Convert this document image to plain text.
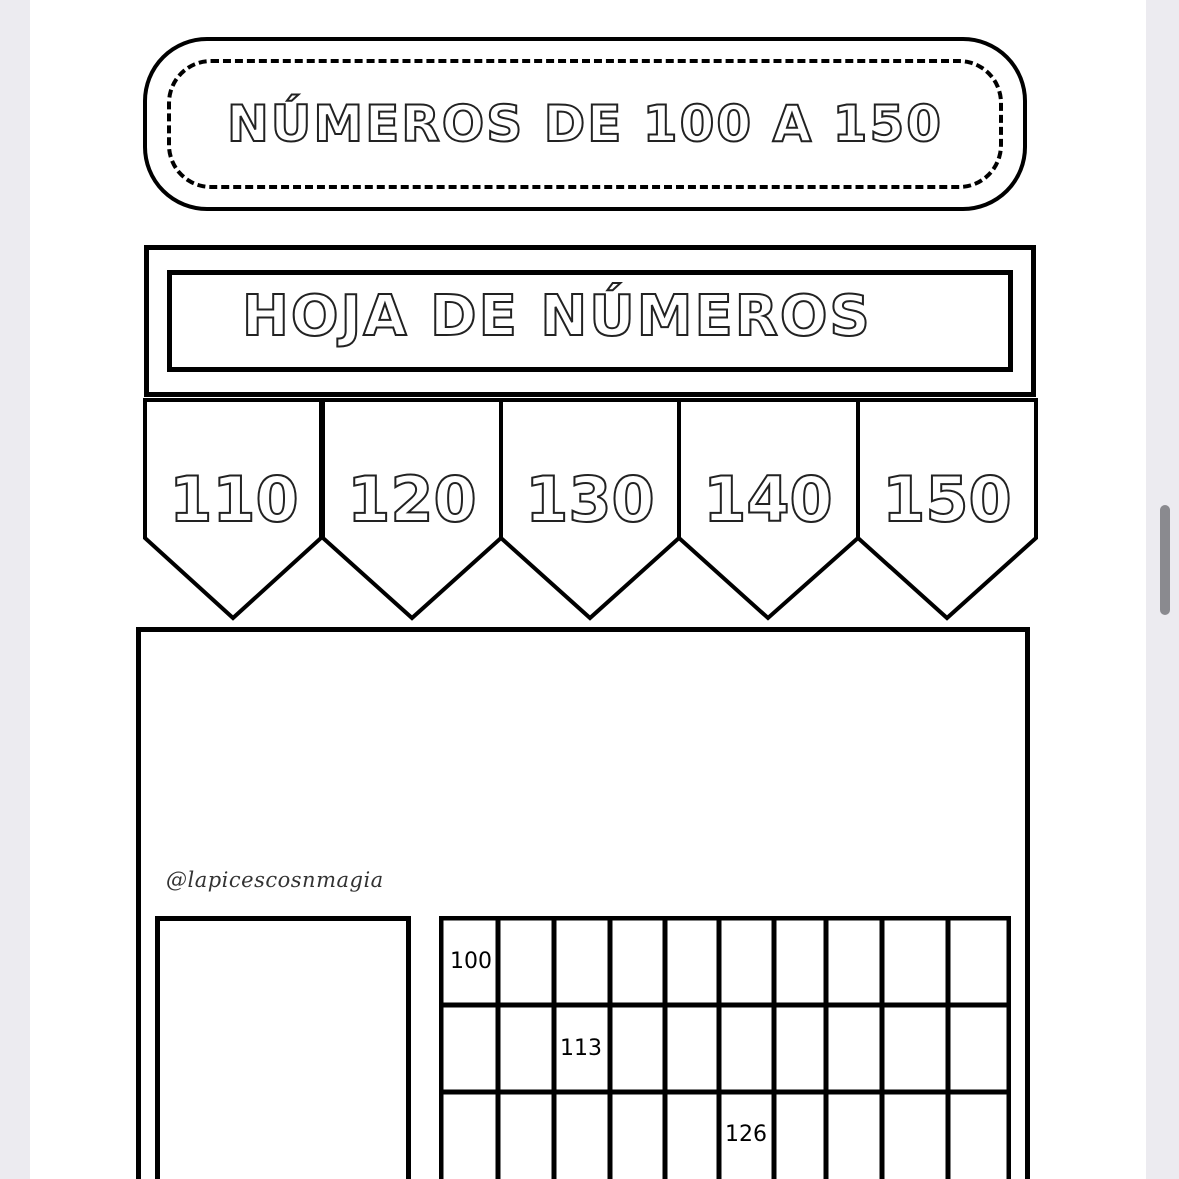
NÚMEROS DE 100 A 150
HOJA DE NÚMEROS
110 120 130 140 150
@lapicescosnmagia
100
113
126
